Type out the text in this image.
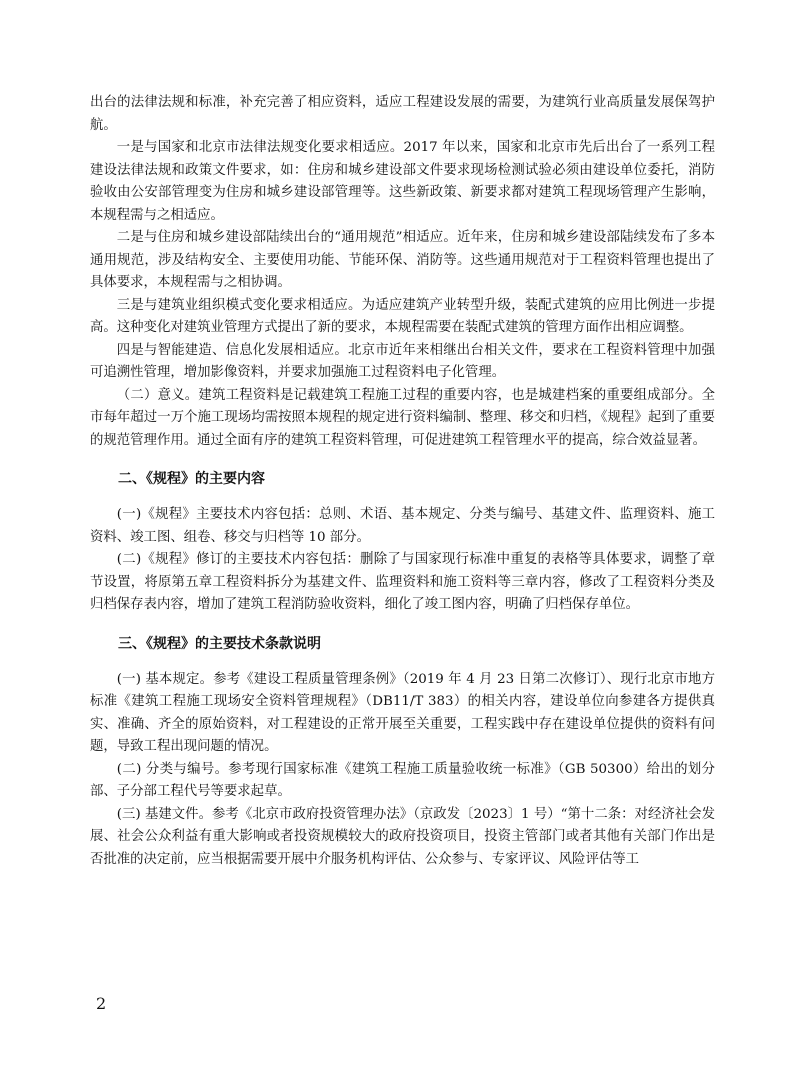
出台的法律法规和标准，补充完善了相应资料，适应工程建设发展的需要，为建筑行业高质量发展保驾护航。

一是与国家和北京市法律法规变化要求相适应。2017 年以来，国家和北京市先后出台了一系列工程建设法律法规和政策文件要求，如：住房和城乡建设部文件要求现场检测试验必须由建设单位委托，消防验收由公安部管理变为住房和城乡建设部管理等。这些新政策、新要求都对建筑工程现场管理产生影响，本规程需与之相适应。

二是与住房和城乡建设部陆续出台的“通用规范”相适应。近年来，住房和城乡建设部陆续发布了多本通用规范，涉及结构安全、主要使用功能、节能环保、消防等。这些通用规范对于工程资料管理也提出了具体要求，本规程需与之相协调。

三是与建筑业组织模式变化要求相适应。为适应建筑产业转型升级，装配式建筑的应用比例进一步提高。这种变化对建筑业管理方式提出了新的要求，本规程需要在装配式建筑的管理方面作出相应调整。

四是与智能建造、信息化发展相适应。北京市近年来相继出台相关文件，要求在工程资料管理中加强可追溯性管理，增加影像资料，并要求加强施工过程资料电子化管理。

（二）意义。建筑工程资料是记载建筑工程施工过程的重要内容，也是城建档案的重要组成部分。全市每年超过一万个施工现场均需按照本规程的规定进行资料编制、整理、移交和归档，《规程》起到了重要的规范管理作用。通过全面有序的建筑工程资料管理，可促进建筑工程管理水平的提高，综合效益显著。

二、《规程》的主要内容

(一)《规程》主要技术内容包括：总则、术语、基本规定、分类与编号、基建文件、监理资料、施工资料、竣工图、组卷、移交与归档等 10 部分。

(二)《规程》修订的主要技术内容包括：删除了与国家现行标准中重复的表格等具体要求，调整了章节设置，将原第五章工程资料拆分为基建文件、监理资料和施工资料等三章内容，修改了工程资料分类及归档保存表内容，增加了建筑工程消防验收资料，细化了竣工图内容，明确了归档保存单位。

三、《规程》的主要技术条款说明

(一) 基本规定。参考《建设工程质量管理条例》（2019 年 4 月 23 日第二次修订）、现行北京市地方标准《建筑工程施工现场安全资料管理规程》（DB11/T 383）的相关内容，建设单位向参建各方提供真实、准确、齐全的原始资料，对工程建设的正常开展至关重要，工程实践中存在建设单位提供的资料有问题，导致工程出现问题的情况。

(二) 分类与编号。参考现行国家标准《建筑工程施工质量验收统一标准》（GB 50300）给出的划分部、子分部工程代号等要求起草。

(三) 基建文件。参考《北京市政府投资管理办法》（京政发〔2023〕1 号）“第十二条：对经济社会发展、社会公众利益有重大影响或者投资规模较大的政府投资项目，投资主管部门或者其他有关部门作出是否批准的决定前，应当根据需要开展中介服务机构评估、公众参与、专家评议、风险评估等工

2
